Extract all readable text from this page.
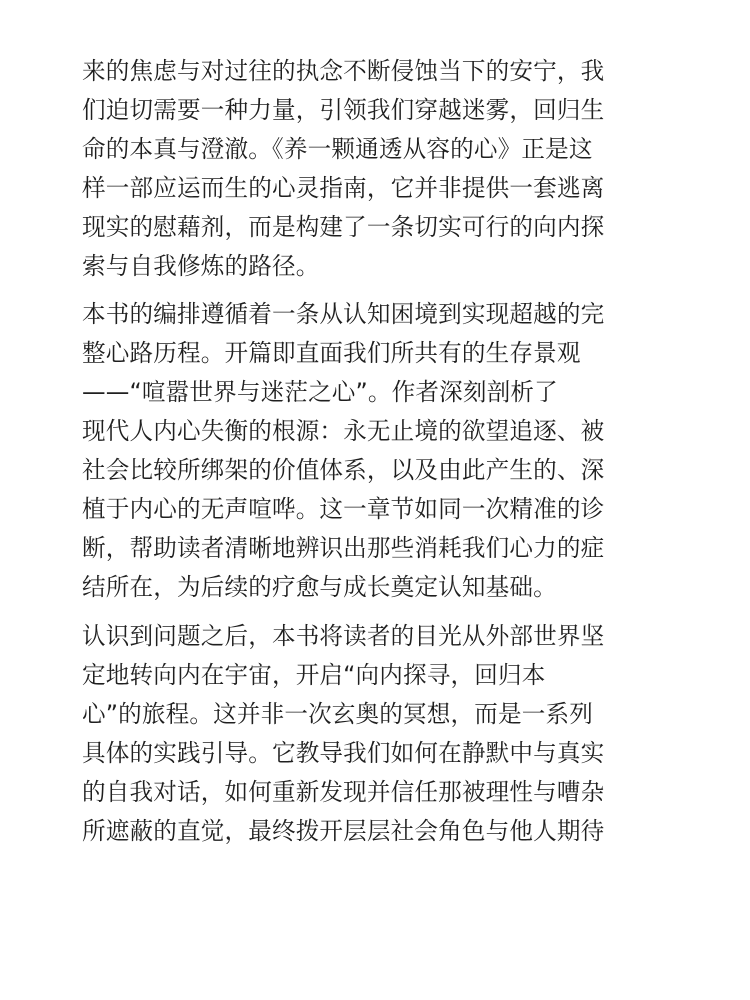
来的焦虑与对过往的执念不断侵蚀当下的安宁，我
们迫切需要一种力量，引领我们穿越迷雾，回归生
命的本真与澄澈。《养一颗通透从容的心》正是这
样一部应运而生的心灵指南，它并非提供一套逃离
现实的慰藉剂，而是构建了一条切实可行的向内探
索与自我修炼的路径。

本书的编排遵循着一条从认知困境到实现超越的完
整心路历程。开篇即直面我们所共有的生存景观
——“喧嚣世界与迷茫之心”。作者深刻剖析了
现代人内心失衡的根源：永无止境的欲望追逐、被
社会比较所绑架的价值体系，以及由此产生的、深
植于内心的无声喧哗。这一章节如同一次精准的诊
断，帮助读者清晰地辨识出那些消耗我们心力的症
结所在，为后续的疗愈与成长奠定认知基础。

认识到问题之后，本书将读者的目光从外部世界坚
定地转向内在宇宙，开启“向内探寻，回归本
心”的旅程。这并非一次玄奥的冥想，而是一系列
具体的实践引导。它教导我们如何在静默中与真实
的自我对话，如何重新发现并信任那被理性与嘈杂
所遮蔽的直觉，最终拨开层层社会角色与他人期待
